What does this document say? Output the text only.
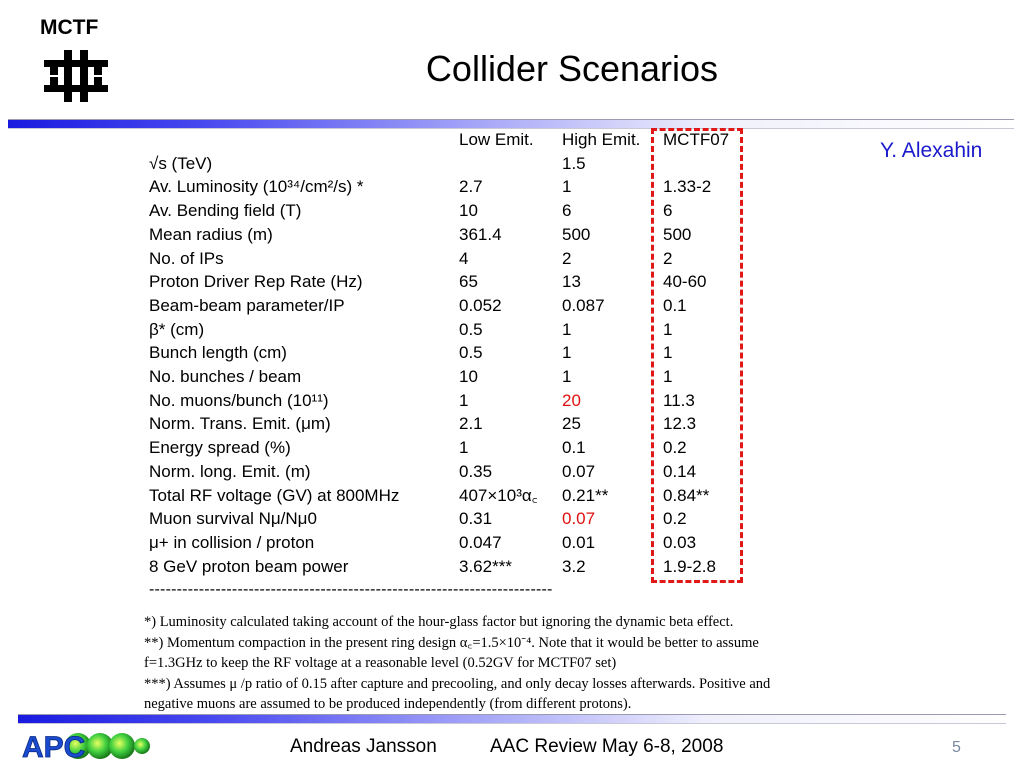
MCTF
Collider Scenarios
Y. Alexahin
	Low Emit.	High Emit.	MCTF07
√s (TeV)		1.5	
Av. Luminosity (10³⁴/cm²/s) *	2.7	1	1.33-2
Av. Bending field (T)	10	6	6
Mean radius (m)	361.4	500	500
No. of IPs	4	2	2
Proton Driver Rep Rate (Hz)	65	13	40-60
Beam-beam parameter/IP	0.052	0.087	0.1
β* (cm)	0.5	1	1
Bunch length (cm)	0.5	1	1
No. bunches / beam	10	1	1
No. muons/bunch (10¹¹)	1	20	11.3
Norm. Trans. Emit. (μm)	2.1	25	12.3
Energy spread (%)	1	0.1	0.2
Norm. long. Emit. (m)	0.35	0.07	0.14
Total RF voltage (GV) at 800MHz	407×10³α꜀	0.21**	0.84**
Muon survival Nμ/Nμ0	0.31	0.07	0.2
μ+ in collision / proton	0.047	0.01	0.03
8 GeV proton beam power	3.62***	3.2	1.9-2.8
-------------------------------------------------------------------------
*) Luminosity calculated taking account of the hour-glass factor but ignoring the dynamic beta effect.
**) Momentum compaction in the present ring design α꜀=1.5×10⁻⁴. Note that it would be better to assume
f=1.3GHz to keep the RF voltage at a reasonable level (0.52GV for MCTF07 set)
***) Assumes μ /p ratio of 0.15 after capture and precooling, and only decay losses afterwards. Positive and
negative muons are assumed to be produced independently (from different protons).
APC	Andreas Jansson	AAC Review May 6-8, 2008	5
